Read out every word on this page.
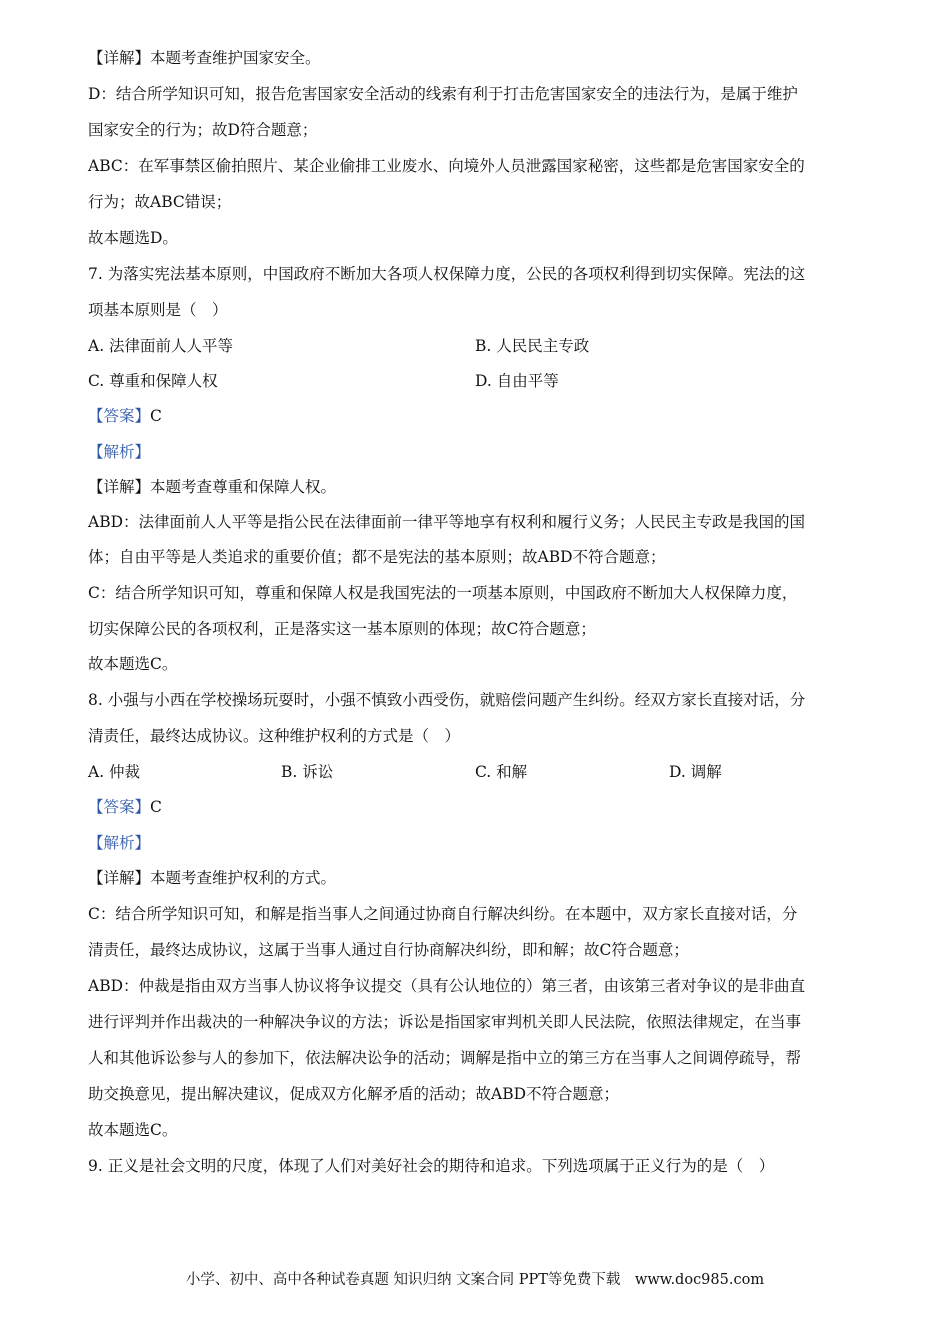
【详解】本题考查维护国家安全。
D：结合所学知识可知，报告危害国家安全活动的线索有利于打击危害国家安全的违法行为，是属于维护
国家安全的行为；故D符合题意；
ABC：在军事禁区偷拍照片、某企业偷排工业废水、向境外人员泄露国家秘密，这些都是危害国家安全的
行为；故ABC错误；
故本题选D。
7. 为落实宪法基本原则，中国政府不断加大各项人权保障力度，公民的各项权利得到切实保障。宪法的这
项基本原则是（　）
A. 法律面前人人平等	B. 人民民主专政
C. 尊重和保障人权	D. 自由平等
【答案】C
【解析】
【详解】本题考查尊重和保障人权。
ABD：法律面前人人平等是指公民在法律面前一律平等地享有权利和履行义务；人民民主专政是我国的国
体；自由平等是人类追求的重要价值；都不是宪法的基本原则；故ABD不符合题意；
C：结合所学知识可知，尊重和保障人权是我国宪法的一项基本原则，中国政府不断加大人权保障力度，
切实保障公民的各项权利，正是落实这一基本原则的体现；故C符合题意；
故本题选C。
8. 小强与小西在学校操场玩耍时，小强不慎致小西受伤，就赔偿问题产生纠纷。经双方家长直接对话，分
清责任，最终达成协议。这种维护权利的方式是（　）
A. 仲裁	B. 诉讼	C. 和解	D. 调解
【答案】C
【解析】
【详解】本题考查维护权利的方式。
C：结合所学知识可知，和解是指当事人之间通过协商自行解决纠纷。在本题中，双方家长直接对话，分
清责任，最终达成协议，这属于当事人通过自行协商解决纠纷，即和解；故C符合题意；
ABD：仲裁是指由双方当事人协议将争议提交（具有公认地位的）第三者，由该第三者对争议的是非曲直
进行评判并作出裁决的一种解决争议的方法；诉讼是指国家审判机关即人民法院，依照法律规定，在当事
人和其他诉讼参与人的参加下，依法解决讼争的活动；调解是指中立的第三方在当事人之间调停疏导，帮
助交换意见，提出解决建议，促成双方化解矛盾的活动；故ABD不符合题意；
故本题选C。
9. 正义是社会文明的尺度，体现了人们对美好社会的期待和追求。下列选项属于正义行为的是（　）
小学、初中、高中各种试卷真题 知识归纳 文案合同 PPT等免费下载　www.doc985.com
